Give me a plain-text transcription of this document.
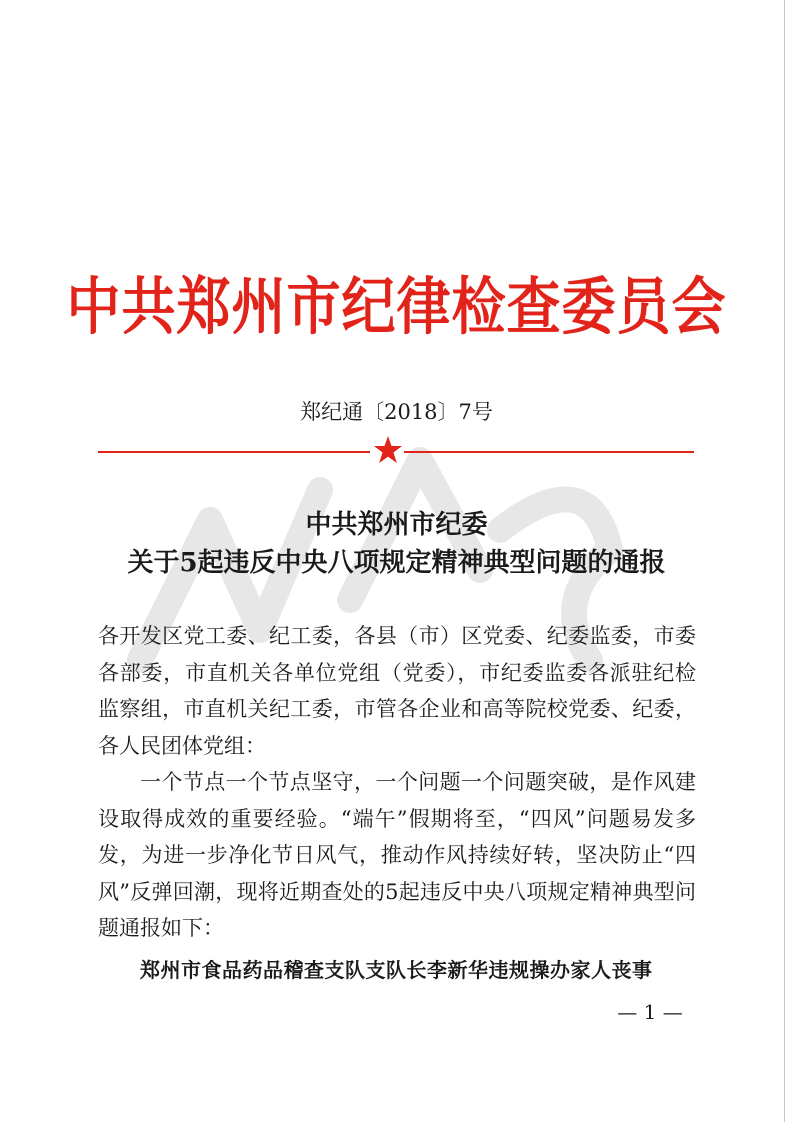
中共郑州市纪律检查委员会
郑纪通〔2018〕7号
中共郑州市纪委
关于5起违反中央八项规定精神典型问题的通报
各开发区党工委、纪工委，各县（市）区党委、纪委监委，市委各部委，市直机关各单位党组（党委），市纪委监委各派驻纪检监察组，市直机关纪工委，市管各企业和高等院校党委、纪委，各人民团体党组：
一个节点一个节点坚守，一个问题一个问题突破，是作风建设取得成效的重要经验。“端午”假期将至，“四风”问题易发多发，为进一步净化节日风气，推动作风持续好转，坚决防止“四风”反弹回潮，现将近期查处的5起违反中央八项规定精神典型问题通报如下：
郑州市食品药品稽查支队支队长李新华违规操办家人丧事
— 1 —
